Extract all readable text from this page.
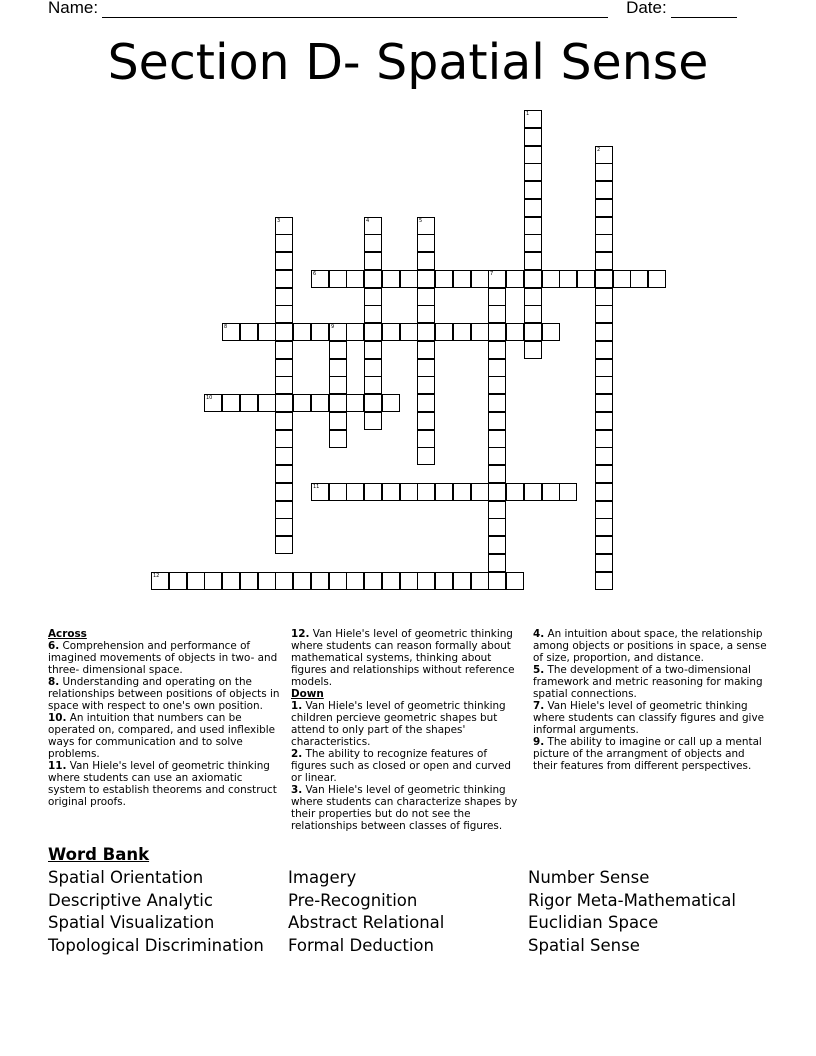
Name:	Date:
Section D- Spatial Sense
1
2
3	4	5
6	7
8	9
10
11
12
Across

6. Comprehension and performance of imagined movements of objects in two- and three- dimensional space.

8. Understanding and operating on the relationships between positions of objects in space with respect to one's own position.

10. An intuition that numbers can be operated on, compared, and used inflexible ways for communication and to solve problems.

11. Van Hiele's level of geometric thinking where students can use an axiomatic system to establish theorems and construct original proofs.

12. Van Hiele's level of geometric thinking where students can reason formally about mathematical systems, thinking about figures and relationships without reference models.

Down

1. Van Hiele's level of geometric thinking children percieve geometric shapes but attend to only part of the shapes' characteristics.

2. The ability to recognize features of figures such as closed or open and curved or linear.

3. Van Hiele's level of geometric thinking where students can characterize shapes by their properties but do not see the relationships between classes of figures.

4. An intuition about space, the relationship among objects or positions in space, a sense of size, proportion, and distance.

5. The development of a two-dimensional framework and metric reasoning for making spatial connections.

7. Van Hiele's level of geometric thinking where students can classify figures and give informal arguments.

9. The ability to imagine or call up a mental picture of the arrangment of objects and their features from different perspectives.

Word Bank
Spatial Orientation
Descriptive Analytic
Spatial Visualization
Topological Discrimination
Imagery
Pre-Recognition
Abstract Relational
Formal Deduction
Number Sense
Rigor Meta-Mathematical
Euclidian Space
Spatial Sense
